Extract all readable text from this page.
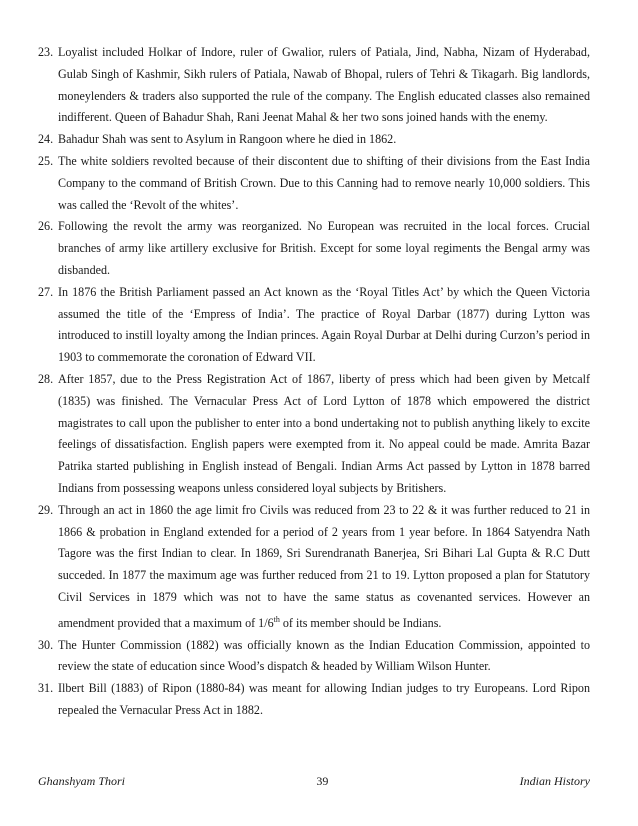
23. Loyalist included Holkar of Indore, ruler of Gwalior, rulers of Patiala, Jind, Nabha, Nizam of Hyderabad, Gulab Singh of Kashmir, Sikh rulers of Patiala, Nawab of Bhopal, rulers of Tehri & Tikagarh. Big landlords, moneylenders & traders also supported the rule of the company. The English educated classes also remained indifferent. Queen of Bahadur Shah, Rani Jeenat Mahal & her two sons joined hands with the enemy.
24. Bahadur Shah was sent to Asylum in Rangoon where he died in 1862.
25. The white soldiers revolted because of their discontent due to shifting of their divisions from the East India Company to the command of British Crown. Due to this Canning had to remove nearly 10,000 soldiers. This was called the ‘Revolt of the whites’.
26. Following the revolt the army was reorganized. No European was recruited in the local forces. Crucial branches of army like artillery exclusive for British. Except for some loyal regiments the Bengal army was disbanded.
27. In 1876 the British Parliament passed an Act known as the ‘Royal Titles Act’ by which the Queen Victoria assumed the title of the ‘Empress of India’. The practice of Royal Darbar (1877) during Lytton was introduced to instill loyalty among the Indian princes. Again Royal Durbar at Delhi during Curzon’s period in 1903 to commemorate the coronation of Edward VII.
28. After 1857, due to the Press Registration Act of 1867, liberty of press which had been given by Metcalf (1835) was finished. The Vernacular Press Act of Lord Lytton of 1878 which empowered the district magistrates to call upon the publisher to enter into a bond undertaking not to publish anything likely to excite feelings of dissatisfaction. English papers were exempted from it. No appeal could be made. Amrita Bazar Patrika started publishing in English instead of Bengali. Indian Arms Act passed by Lytton in 1878 barred Indians from possessing weapons unless considered loyal subjects by Britishers.
29. Through an act in 1860 the age limit fro Civils was reduced from 23 to 22 & it was further reduced to 21 in 1866 & probation in England extended for a period of 2 years from 1 year before. In 1864 Satyendra Nath Tagore was the first Indian to clear. In 1869, Sri Surendranath Banerjea, Sri Bihari Lal Gupta & R.C Dutt succeded. In 1877 the maximum age was further reduced from 21 to 19. Lytton proposed a plan for Statutory Civil Services in 1879 which was not to have the same status as covenanted services. However an amendment provided that a maximum of 1/6th of its member should be Indians.
30. The Hunter Commission (1882) was officially known as the Indian Education Commission, appointed to review the state of education since Wood’s dispatch & headed by William Wilson Hunter.
31. Ilbert Bill (1883) of Ripon (1880-84) was meant for allowing Indian judges to try Europeans. Lord Ripon repealed the Vernacular Press Act in 1882.
Ghanshyam Thori	39	Indian History
